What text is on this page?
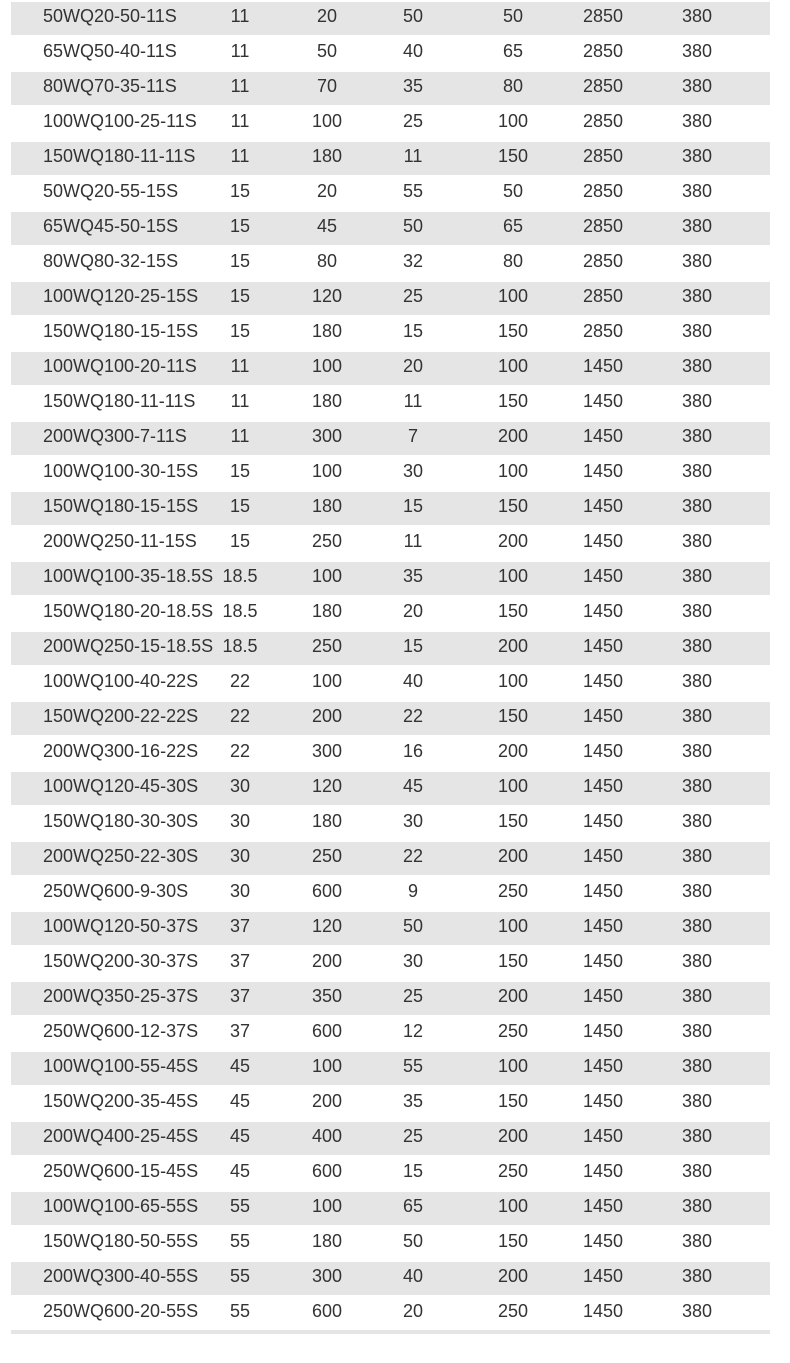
50WQ20-50-11S	11	20	50	50	2850	380
65WQ50-40-11S	11	50	40	65	2850	380
80WQ70-35-11S	11	70	35	80	2850	380
100WQ100-25-11S	11	100	25	100	2850	380
150WQ180-11-11S	11	180	11	150	2850	380
50WQ20-55-15S	15	20	55	50	2850	380
65WQ45-50-15S	15	45	50	65	2850	380
80WQ80-32-15S	15	80	32	80	2850	380
100WQ120-25-15S	15	120	25	100	2850	380
150WQ180-15-15S	15	180	15	150	2850	380
100WQ100-20-11S	11	100	20	100	1450	380
150WQ180-11-11S	11	180	11	150	1450	380
200WQ300-7-11S	11	300	7	200	1450	380
100WQ100-30-15S	15	100	30	100	1450	380
150WQ180-15-15S	15	180	15	150	1450	380
200WQ250-11-15S	15	250	11	200	1450	380
100WQ100-35-18.5S 18.5	100	35	100	1450	380
150WQ180-20-18.5S 18.5	180	20	150	1450	380
200WQ250-15-18.5S 18.5	250	15	200	1450	380
100WQ100-40-22S	22	100	40	100	1450	380
150WQ200-22-22S	22	200	22	150	1450	380
200WQ300-16-22S	22	300	16	200	1450	380
100WQ120-45-30S	30	120	45	100	1450	380
150WQ180-30-30S	30	180	30	150	1450	380
200WQ250-22-30S	30	250	22	200	1450	380
250WQ600-9-30S	30	600	9	250	1450	380
100WQ120-50-37S	37	120	50	100	1450	380
150WQ200-30-37S	37	200	30	150	1450	380
200WQ350-25-37S	37	350	25	200	1450	380
250WQ600-12-37S	37	600	12	250	1450	380
100WQ100-55-45S	45	100	55	100	1450	380
150WQ200-35-45S	45	200	35	150	1450	380
200WQ400-25-45S	45	400	25	200	1450	380
250WQ600-15-45S	45	600	15	250	1450	380
100WQ100-65-55S	55	100	65	100	1450	380
150WQ180-50-55S	55	180	50	150	1450	380
200WQ300-40-55S	55	300	40	200	1450	380
250WQ600-20-55S	55	600	20	250	1450	380
